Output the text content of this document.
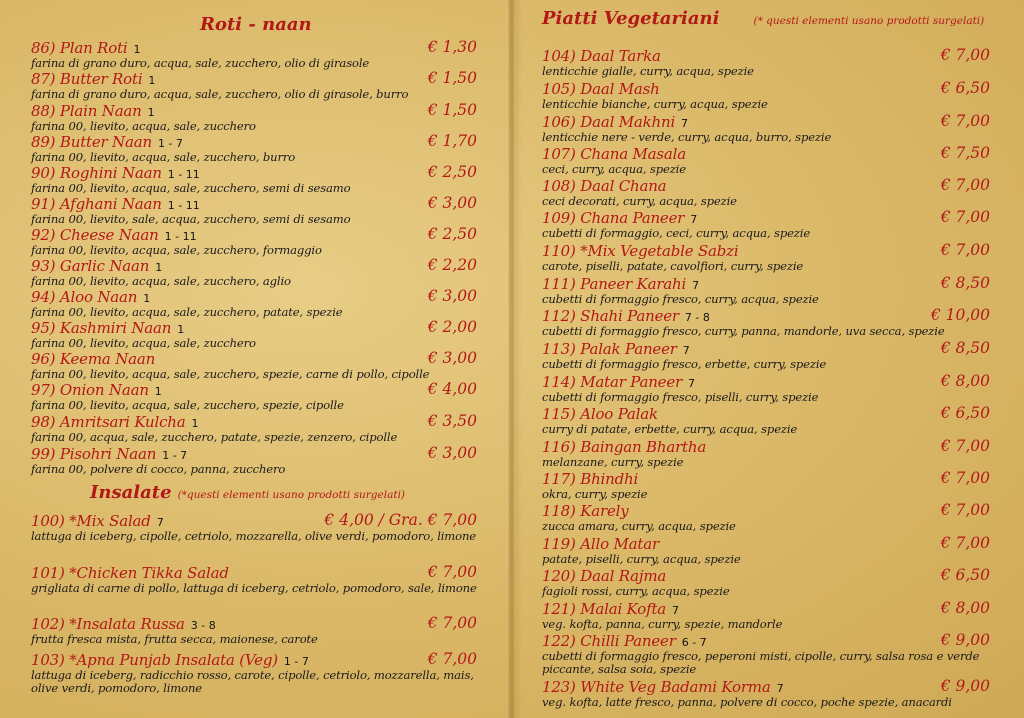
Roti - naan
86) Plan Roti 1	€ 1,30
farina di grano duro, acqua, sale, zucchero, olio di girasole
87) Butter Roti 1	€ 1,50
farina di grano duro, acqua, sale, zucchero, olio di girasole, burro
88) Plain Naan 1	€ 1,50
farina 00, lievito, acqua, sale, zucchero
89) Butter Naan 1 - 7	€ 1,70
farina 00, lievito, acqua, sale, zucchero, burro
90) Roghini Naan 1 - 11	€ 2,50
farina 00, lievito, acqua, sale, zucchero, semi di sesamo
91) Afghani Naan 1 - 11	€ 3,00
farina 00, lievito, sale, acqua, zucchero, semi di sesamo
92) Cheese Naan 1 - 11	€ 2,50
farina 00, lievito, acqua, sale, zucchero, formaggio
93) Garlic Naan 1	€ 2,20
farina 00, lievito, acqua, sale, zucchero, aglio
94) Aloo Naan 1	€ 3,00
farina 00, lievito, acqua, sale, zucchero, patate, spezie
95) Kashmiri Naan 1	€ 2,00
farina 00, lievito, acqua, sale, zucchero
96) Keema Naan	€ 3,00
farina 00, lievito, acqua, sale, zucchero, spezie, carne di pollo, cipolle
97) Onion Naan 1	€ 4,00
farina 00, lievito, acqua, sale, zucchero, spezie, cipolle
98) Amritsari Kulcha 1	€ 3,50
farina 00, acqua, sale, zucchero, patate, spezie, zenzero, cipolle
99) Pisohri Naan 1 - 7	€ 3,00
farina 00, polvere di cocco, panna, zucchero
Insalate (*questi elementi usano prodotti surgelati)
100) *Mix Salad 7	€ 4,00 / Gra. € 7,00
lattuga di iceberg, cipolle, cetriolo, mozzarella, olive verdi, pomodoro, limone
101) *Chicken Tikka Salad	€ 7,00
grigliata di carne di pollo, lattuga di iceberg, cetriolo, pomodoro, sale, limone
102) *Insalata Russa 3 - 8	€ 7,00
frutta fresca mista, frutta secca, maionese, carote
103) *Apna Punjab Insalata (Veg) 1 - 7	€ 7,00
lattuga di iceberg, radicchio rosso, carote, cipolle, cetriolo, mozzarella, mais, olive verdi, pomodoro, limone
Piatti Vegetariani	(* questi elementi usano prodotti surgelati)
104) Daal Tarka	€ 7,00
lenticchie gialle, curry, acqua, spezie
105) Daal Mash	€ 6,50
lenticchie bianche, curry, acqua, spezie
106) Daal Makhni 7	€ 7,00
lenticchie nere - verde, curry, acqua, burro, spezie
107) Chana Masala	€ 7,50
ceci, curry, acqua, spezie
108) Daal Chana	€ 7,00
ceci decorati, curry, acqua, spezie
109) Chana Paneer 7	€ 7,00
cubetti di formaggio, ceci, curry, acqua, spezie
110) *Mix Vegetable Sabzi	€ 7,00
carote, piselli, patate, cavolfiori, curry, spezie
111) Paneer Karahi 7	€ 8,50
cubetti di formaggio fresco, curry, acqua, spezie
112) Shahi Paneer 7 - 8	€ 10,00
cubetti di formaggio fresco, curry, panna, mandorle, uva secca, spezie
113) Palak Paneer 7	€ 8,50
cubetti di formaggio fresco, erbette, curry, spezie
114) Matar Paneer 7	€ 8,00
cubetti di formaggio fresco, piselli, curry, spezie
115) Aloo Palak	€ 6,50
curry di patate, erbette, curry, acqua, spezie
116) Baingan Bhartha	€ 7,00
melanzane, curry, spezie
117) Bhindhi	€ 7,00
okra, curry, spezie
118) Karely	€ 7,00
zucca amara, curry, acqua, spezie
119) Allo Matar	€ 7,00
patate, piselli, curry, acqua, spezie
120) Daal Rajma	€ 6,50
fagioli rossi, curry, acqua, spezie
121) Malai Kofta 7	€ 8,00
veg. kofta, panna, curry, spezie, mandorle
122) Chilli Paneer 6 - 7	€ 9,00
cubetti di formaggio fresco, peperoni misti, cipolle, curry, salsa rosa e verde piccante, salsa soia, spezie
123) White Veg Badami Korma 7	€ 9,00
veg. kofta, latte fresco, panna, polvere di cocco, poche spezie, anacardi
